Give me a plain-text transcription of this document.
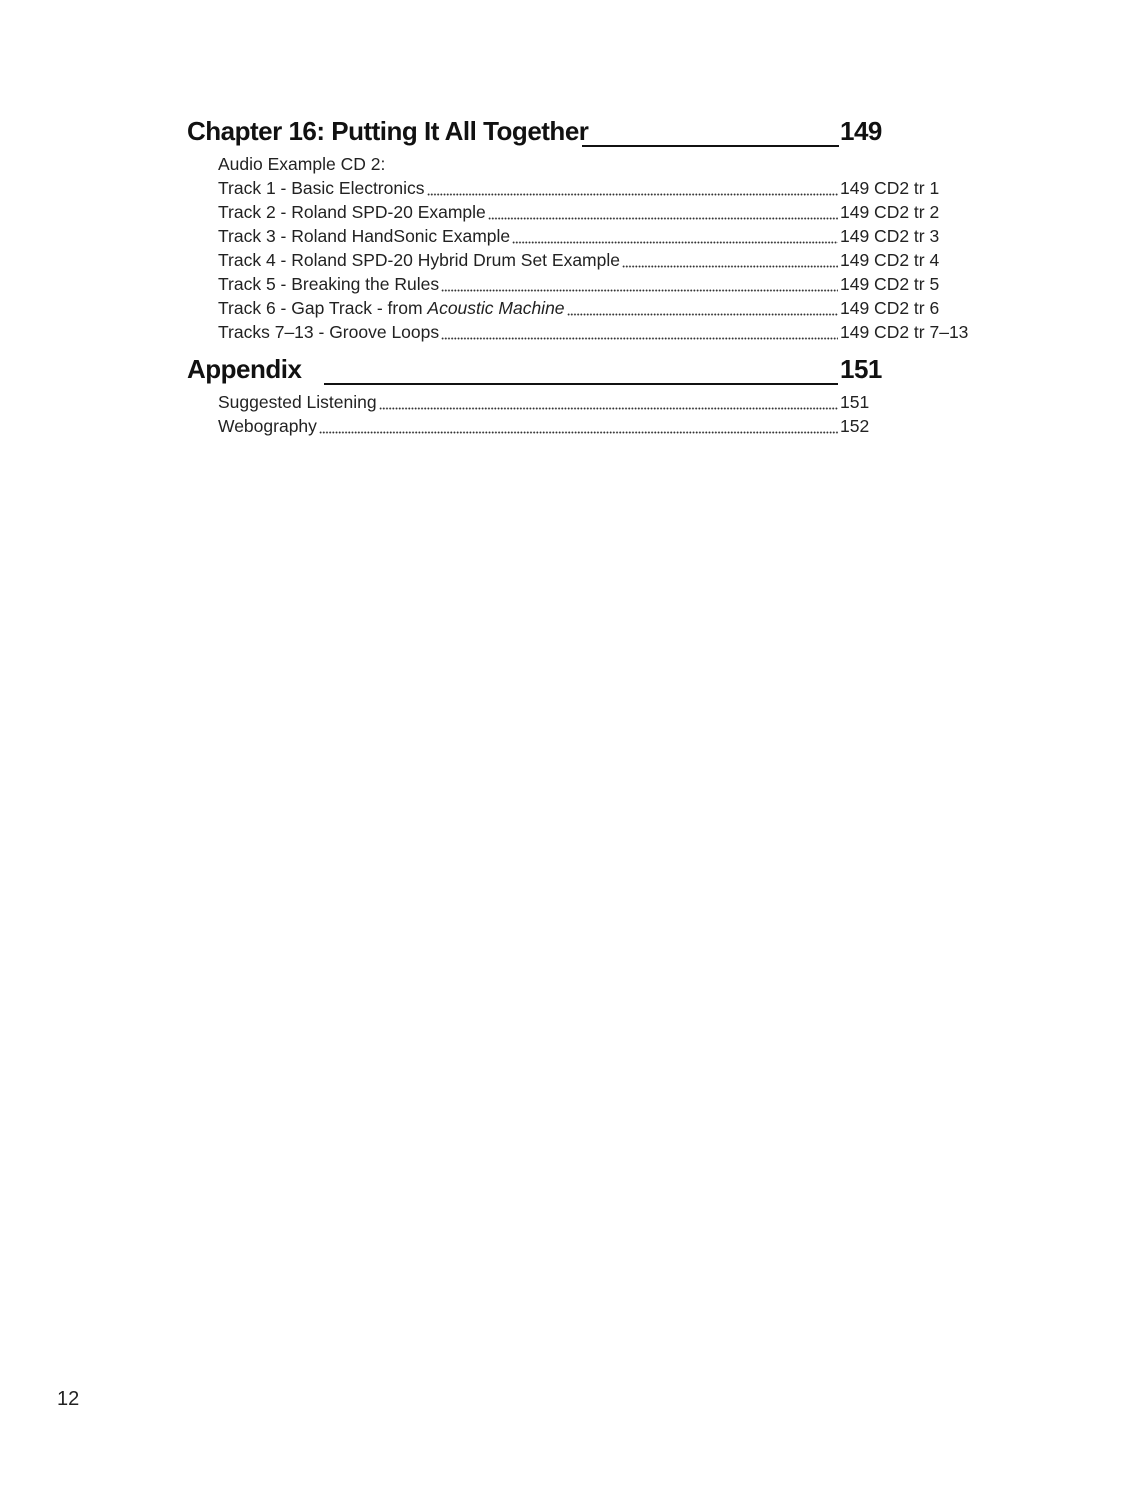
Chapter 16: Putting It All Together	149
Audio Example CD 2:
Track 1 - Basic Electronics	149 CD2 tr 1
Track 2 - Roland SPD-20 Example	149 CD2 tr 2
Track 3 - Roland HandSonic Example	149 CD2 tr 3
Track 4 - Roland SPD-20 Hybrid Drum Set Example	149 CD2 tr 4
Track 5 - Breaking the Rules	149 CD2 tr 5
Track 6 - Gap Track - from Acoustic Machine	149 CD2 tr 6
Tracks 7–13 - Groove Loops	149 CD2 tr 7–13
Appendix	151
Suggested Listening	151
Webography	152
12
